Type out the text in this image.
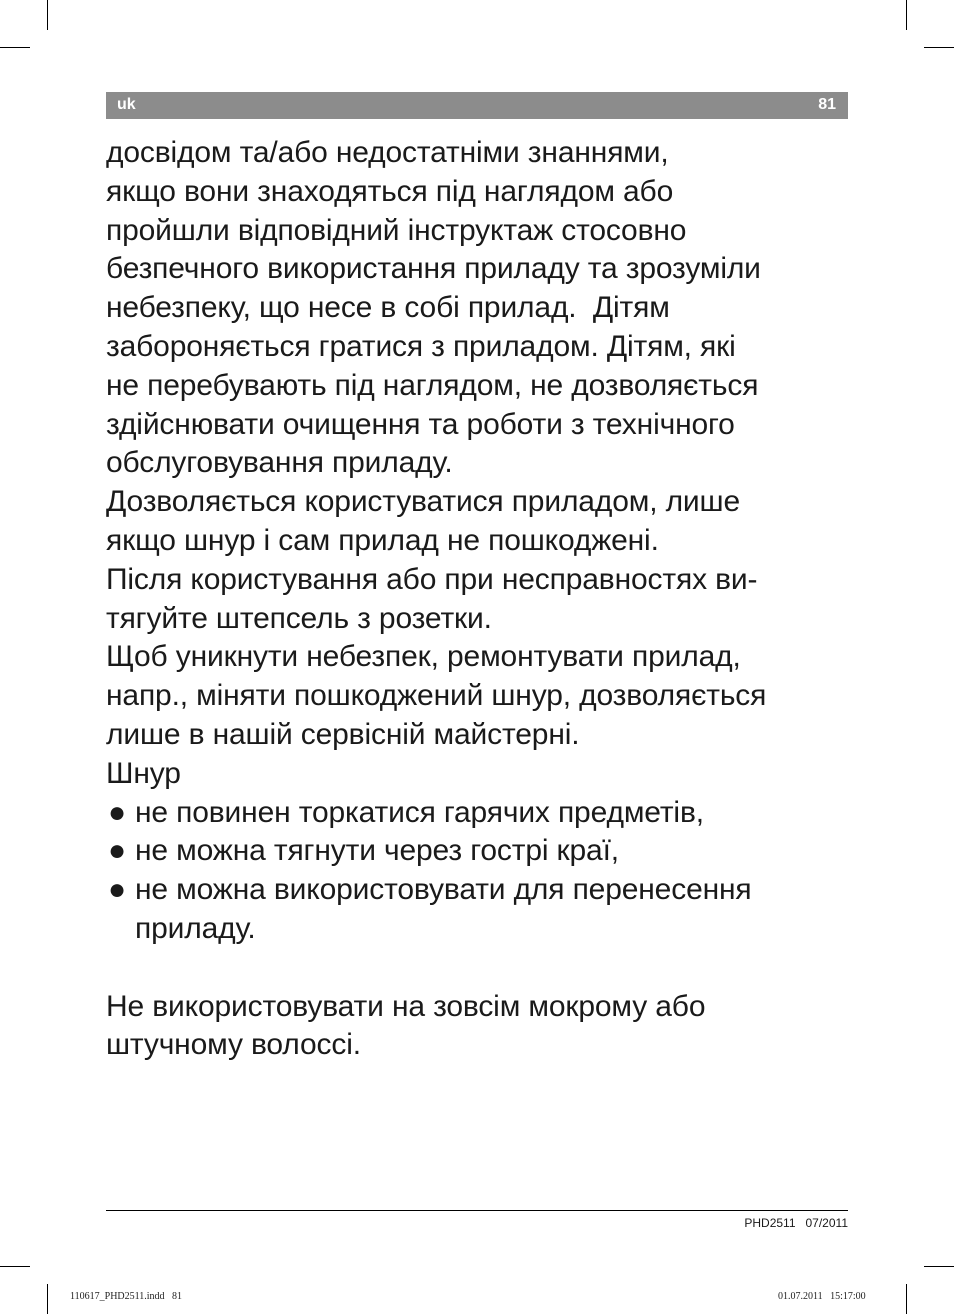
uk	81
досвідом та/або недостатніми знаннями,
якщо вони знаходяться під наглядом або
пройшли відповідний інструктаж стосовно
безпечного використання приладу та зрозуміли
небезпеку, що несе в собі прилад.  Дітям
забороняється гратися з приладом. Дітям, які
не перебувають під наглядом, не дозволяється
здійснювати очищення та роботи з технічного
обслуговування приладу.
Дозволяється користуватися приладом, лише
якщо шнур і сам прилад не пошкоджені.
Після користування або при несправностях ви-
тягуйте штепсель з розетки.
Щоб уникнути небезпек, ремонтувати прилад,
напр., міняти пошкоджений шнур, дозволяється
лише в нашій сервісній майстерні.
Шнур

●

не повинен торкатися гарячих предметів,

●

не можна тягнути через гострі краї,

●

не можна використовувати для перенесення

приладу.

Не використовувати на зовсім мокрому або
штучному волоссі.
PHD2511   07/2011
110617_PHD2511.indd   81	01.07.2011   15:17:00
